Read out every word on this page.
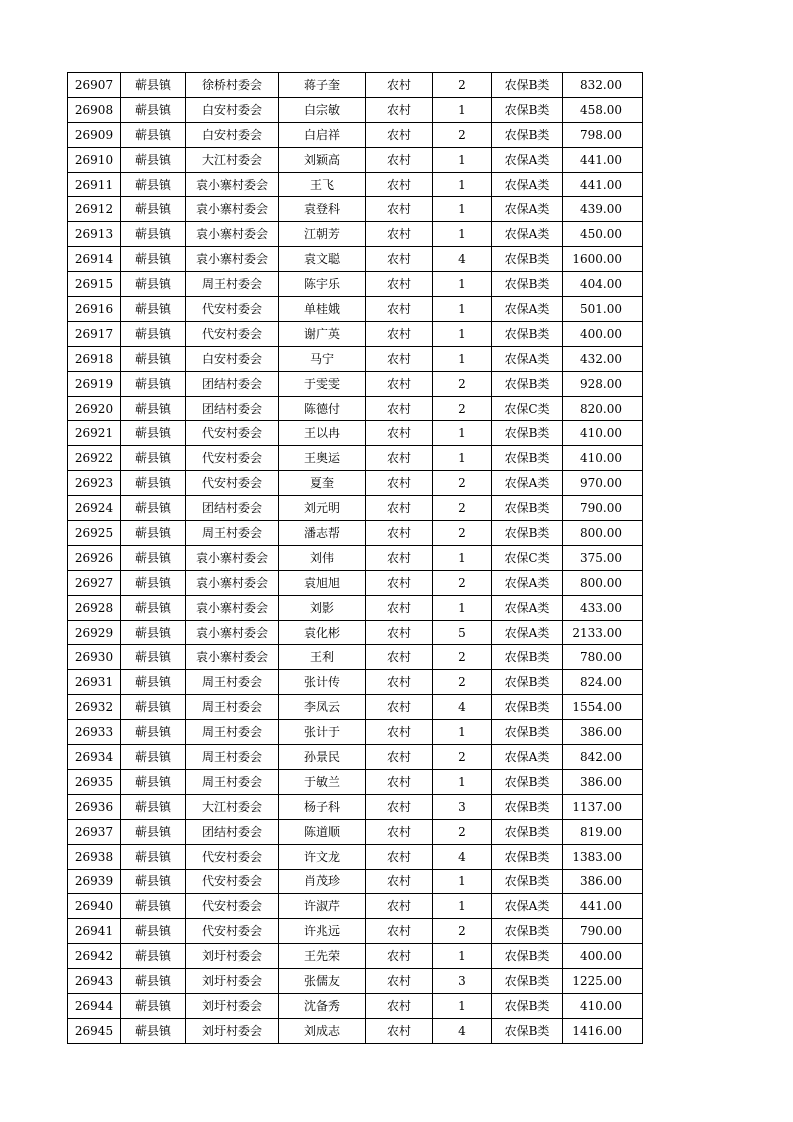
26907	蕲县镇	徐桥村委会	蒋子奎	农村	2	农保B类	832.00
26908	蕲县镇	白安村委会	白宗敏	农村	1	农保B类	458.00
26909	蕲县镇	白安村委会	白启祥	农村	2	农保B类	798.00
26910	蕲县镇	大江村委会	刘颖高	农村	1	农保A类	441.00
26911	蕲县镇	袁小寨村委会	王飞	农村	1	农保A类	441.00
26912	蕲县镇	袁小寨村委会	袁登科	农村	1	农保A类	439.00
26913	蕲县镇	袁小寨村委会	江朝芳	农村	1	农保A类	450.00
26914	蕲县镇	袁小寨村委会	袁文聪	农村	4	农保B类	1600.00
26915	蕲县镇	周王村委会	陈宇乐	农村	1	农保B类	404.00
26916	蕲县镇	代安村委会	单桂娥	农村	1	农保A类	501.00
26917	蕲县镇	代安村委会	谢广英	农村	1	农保B类	400.00
26918	蕲县镇	白安村委会	马宁	农村	1	农保A类	432.00
26919	蕲县镇	团结村委会	于雯雯	农村	2	农保B类	928.00
26920	蕲县镇	团结村委会	陈德付	农村	2	农保C类	820.00
26921	蕲县镇	代安村委会	王以冉	农村	1	农保B类	410.00
26922	蕲县镇	代安村委会	王奥运	农村	1	农保B类	410.00
26923	蕲县镇	代安村委会	夏奎	农村	2	农保A类	970.00
26924	蕲县镇	团结村委会	刘元明	农村	2	农保B类	790.00
26925	蕲县镇	周王村委会	潘志帮	农村	2	农保B类	800.00
26926	蕲县镇	袁小寨村委会	刘伟	农村	1	农保C类	375.00
26927	蕲县镇	袁小寨村委会	袁旭旭	农村	2	农保A类	800.00
26928	蕲县镇	袁小寨村委会	刘影	农村	1	农保A类	433.00
26929	蕲县镇	袁小寨村委会	袁化彬	农村	5	农保A类	2133.00
26930	蕲县镇	袁小寨村委会	王利	农村	2	农保B类	780.00
26931	蕲县镇	周王村委会	张计传	农村	2	农保B类	824.00
26932	蕲县镇	周王村委会	李凤云	农村	4	农保B类	1554.00
26933	蕲县镇	周王村委会	张计于	农村	1	农保B类	386.00
26934	蕲县镇	周王村委会	孙景民	农村	2	农保A类	842.00
26935	蕲县镇	周王村委会	于敏兰	农村	1	农保B类	386.00
26936	蕲县镇	大江村委会	杨子科	农村	3	农保B类	1137.00
26937	蕲县镇	团结村委会	陈道顺	农村	2	农保B类	819.00
26938	蕲县镇	代安村委会	许文龙	农村	4	农保B类	1383.00
26939	蕲县镇	代安村委会	肖茂珍	农村	1	农保B类	386.00
26940	蕲县镇	代安村委会	许淑芹	农村	1	农保A类	441.00
26941	蕲县镇	代安村委会	许兆远	农村	2	农保B类	790.00
26942	蕲县镇	刘圩村委会	王先荣	农村	1	农保B类	400.00
26943	蕲县镇	刘圩村委会	张儒友	农村	3	农保B类	1225.00
26944	蕲县镇	刘圩村委会	沈备秀	农村	1	农保B类	410.00
26945	蕲县镇	刘圩村委会	刘成志	农村	4	农保B类	1416.00
